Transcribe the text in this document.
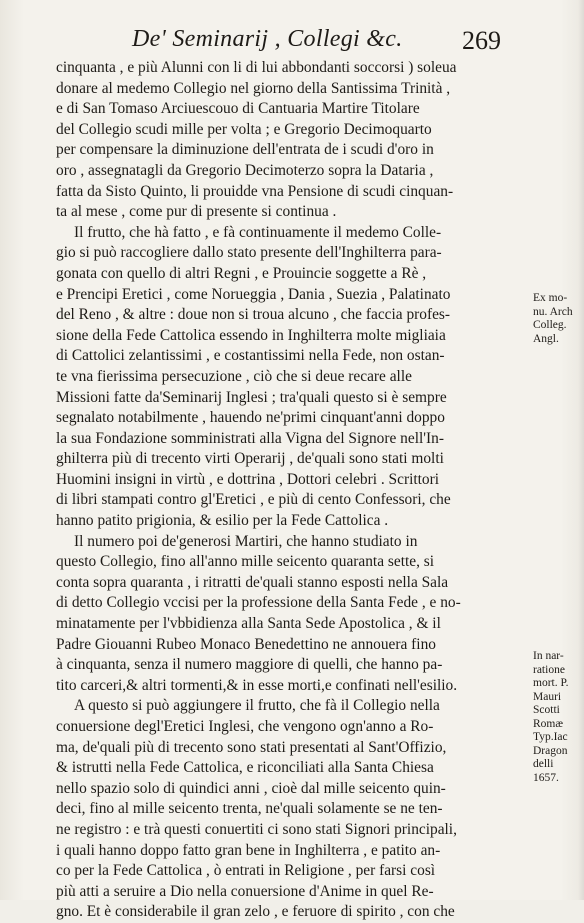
De' Seminarij , Collegi &c. 269
cinquanta , e più Alunni con li di lui abbondanti soccorsi ) soleua
donare al medemo Collegio nel giorno della Santissima Trinità ,
e di San Tomaso Arciuescouo di Cantuaria Martire Titolare
del Collegio scudi mille per volta ; e Gregorio Decimoquarto
per compensare la diminuzione dell'entrata de i scudi d'oro in
oro , assegnatagli da Gregorio Decimoterzo sopra la Dataria ,
fatta da Sisto Quinto, li prouidde vna Pensione di scudi cinquan-
ta al mese , come pur di presente si continua .
Il frutto, che hà fatto , e fà continuamente il medemo Colle-
gio si può raccogliere dallo stato presente dell'Inghilterra para-
gonata con quello di altri Regni , e Prouincie soggette a Rè ,
e Prencipi Eretici , come Norueggia , Dania , Suezia , Palatinato
del Reno , & altre : doue non si troua alcuno , che faccia profes-
sione della Fede Cattolica essendo in Inghilterra molte migliaia
di Cattolici zelantissimi , e costantissimi nella Fede, non ostan-
te vna fierissima persecuzione , ciò che si deue recare alle
Missioni fatte da'Seminarij Inglesi ; tra'quali questo si è sempre
segnalato notabilmente , hauendo ne'primi cinquant'anni doppo
la sua Fondazione somministrati alla Vigna del Signore nell'In-
ghilterra più di trecento virti Operarij , de'quali sono stati molti
Huomini insigni in virtù , e dottrina , Dottori celebri . Scrittori
di libri stampati contro gl'Eretici , e più di cento Confessori, che
hanno patito prigionia, & esilio per la Fede Cattolica .
Il numero poi de'generosi Martiri, che hanno studiato in
questo Collegio, fino all'anno mille seicento quaranta sette, si
conta sopra quaranta , i ritratti de'quali stanno esposti nella Sala
di detto Collegio vccisi per la professione della Santa Fede , e no-
minatamente per l'vbbidienza alla Santa Sede Apostolica , & il
Padre Giouanni Rubeo Monaco Benedettino ne annouera fino
à cinquanta, senza il numero maggiore di quelli, che hanno pa-
tito carceri,& altri tormenti,& in esse morti,e confinati nell'esilio.
A questo si può aggiungere il frutto, che fà il Collegio nella
conuersione degl'Eretici Inglesi, che vengono ogn'anno a Ro-
ma, de'quali più di trecento sono stati presentati al Sant'Offizio,
& istrutti nella Fede Cattolica, e riconciliati alla Santa Chiesa
nello spazio solo di quindici anni , cioè dal mille seicento quin-
deci, fino al mille seicento trenta, ne'quali solamente se ne ten-
ne registro : e trà questi conuertiti ci sono stati Signori principali,
i quali hanno doppo fatto gran bene in Inghilterra , e patito an-
co per la Fede Cattolica , ò entrati in Religione , per farsi così
più atti a seruire a Dio nella conuersione d'Anime in quel Re-
gno. Et è considerabile il gran zelo , e feruore di spirito , con che
Ex mo-
nu. Arch
Colleg.
Angl.
In nar-
ratione
mort. P.
Mauri
Scotti
Romæ
Typ.Iac
Dragon
delli
1657.
